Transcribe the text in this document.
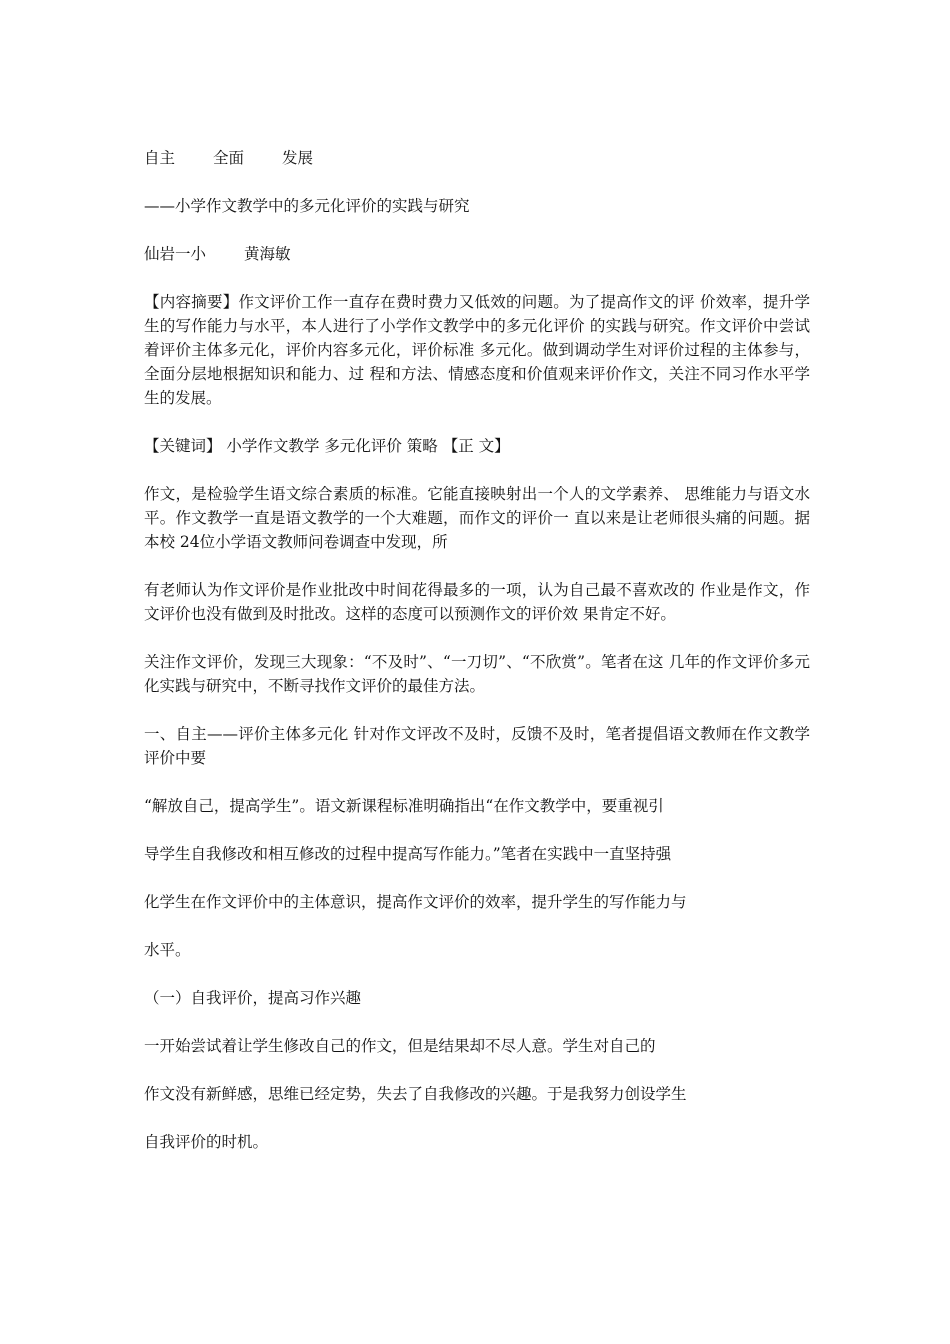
自主 全面 发展
——小学作文教学中的多元化评价的实践与研究
仙岩一小 黄海敏
【内容摘要】作文评价工作一直存在费时费力又低效的问题。为了提高作文的评 价效率，提升学生的写作能力与水平，本人进行了小学作文教学中的多元化评价 的实践与研究。作文评价中尝试着评价主体多元化，评价内容多元化，评价标准 多元化。做到调动学生对评价过程的主体参与，全面分层地根据知识和能力、过 程和方法、情感态度和价值观来评价作文，关注不同习作水平学生的发展。
【关键词】 小学作文教学 多元化评价 策略 【正 文】
作文，是检验学生语文综合素质的标准。它能直接映射出一个人的文学素养、 思维能力与语文水平。作文教学一直是语文教学的一个大难题，而作文的评价一 直以来是让老师很头痛的问题。据本校 24位小学语文教师问卷调查中发现，所
有老师认为作文评价是作业批改中时间花得最多的一项，认为自己最不喜欢改的 作业是作文，作文评价也没有做到及时批改。这样的态度可以预测作文的评价效 果肯定不好。
关注作文评价，发现三大现象：“不及时”、“一刀切”、“不欣赏”。笔者在这 几年的作文评价多元化实践与研究中，不断寻找作文评价的最佳方法。
一、自主——评价主体多元化 针对作文评改不及时，反馈不及时，笔者提倡语文教师在作文教学评价中要
“解放自己，提高学生”。语文新课程标准明确指出“在作文教学中，要重视引
导学生自我修改和相互修改的过程中提高写作能力。”笔者在实践中一直坚持强
化学生在作文评价中的主体意识，提高作文评价的效率，提升学生的写作能力与
水平。
（一）自我评价，提高习作兴趣
一开始尝试着让学生修改自己的作文，但是结果却不尽人意。学生对自己的
作文没有新鲜感，思维已经定势，失去了自我修改的兴趣。于是我努力创设学生
自我评价的时机。
